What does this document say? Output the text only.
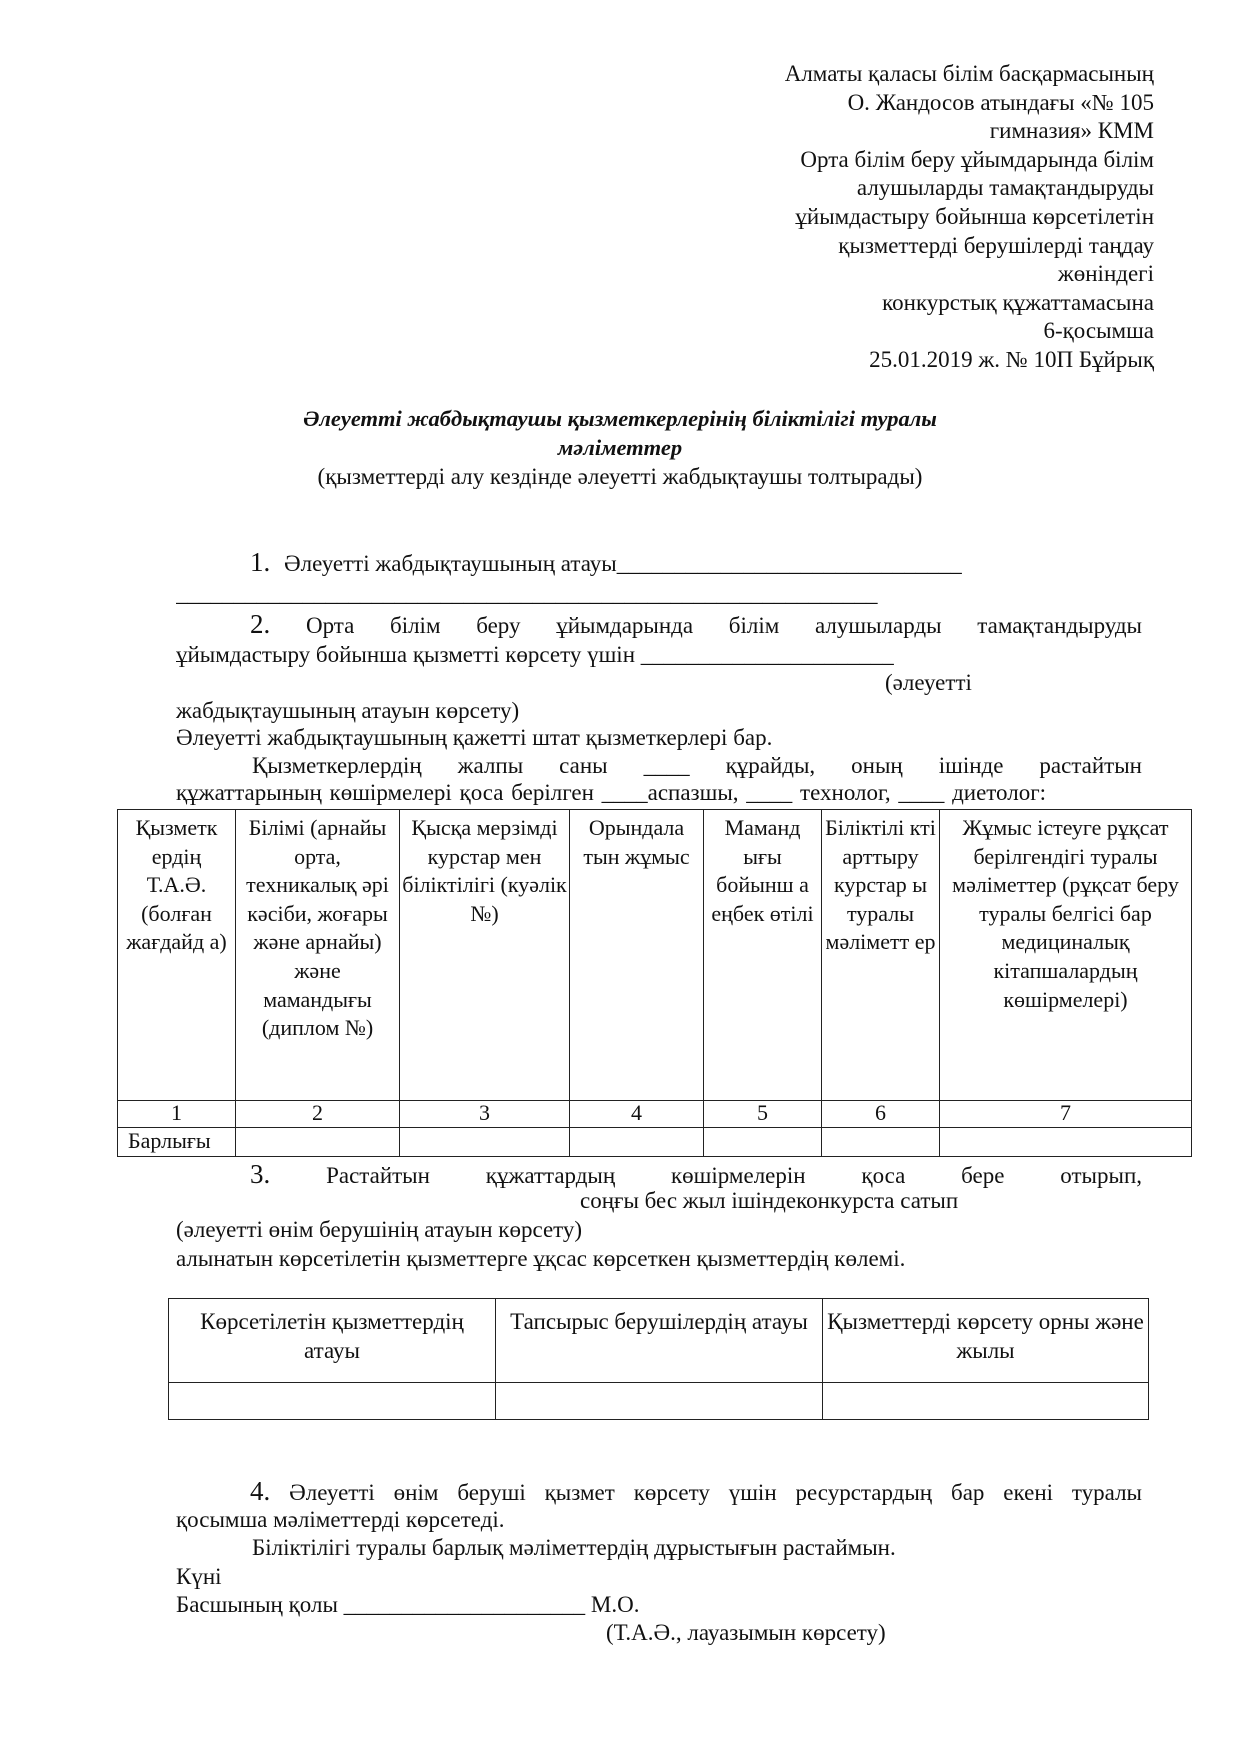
Алматы қаласы білім басқармасының
О. Жандосов атындағы «№ 105
гимназия» КММ
Орта білім беру ұйымдарында білім
алушыларды тамақтандыруды
ұйымдастыру бойынша көрсетілетін
қызметтерді берушілерді таңдау
жөніндегі
конкурстық құжаттамасына
6-қосымша
25.01.2019 ж. № 10П Бұйрық
Әлеуетті жабдықтаушы қызметкерлерінің біліктілігі туралы
мәліметтер
(қызметтерді алу кездінде әлеуетті жабдықтаушы толтырады)
1. Әлеуетті жабдықтаушының атауы______________________________
_____________________________________________________________
2. Орта білім беру ұйымдарында білім алушыларды тамақтандыруды
ұйымдастыру бойынша қызметті көрсету үшін ______________________
(әлеуетті
жабдықтаушының атауын көрсету)
Әлеуетті жабдықтаушының қажетті штат қызметкерлері бар.
Қызметкерлердің жалпы саны ____ құрайды, оның ішінде растайтын
құжаттарының көшірмелері қоса берілген ____аспазшы, ____ технолог, ____ диетолог:
Қызметк ердің Т.А.Ә. (болған жағдайд а)	Білімі (арнайы орта, техникалық әрі кәсіби, жоғары және арнайы) және мамандығы (диплом №)	Қысқа мерзімді курстар мен біліктілігі (куәлік №)	Орындала тын жұмыс	Маманд ығы бойынш а еңбек өтілі	Біліктілі кті арттыру курстар ы туралы мәліметт ер	Жұмыс істеуге рұқсат берілгендігі туралы мәліметтер (рұқсат беру туралы белгісі бар медициналық кітапшалардың көшірмелері)
1	2	3	4	5	6	7
Барлығы						
3. Растайтын құжаттардың көшірмелерін қоса бере отырып,
соңғы бес жыл ішіндеконкурста сатып
(әлеуетті өнім берушінің атауын көрсету)
алынатын көрсетілетін қызметтерге ұқсас көрсеткен қызметтердің көлемі.
Көрсетілетін қызметтердің атауы	Тапсырыс берушілердің атауы	Қызметтерді көрсету орны және жылы

4. Әлеуетті өнім беруші қызмет көрсету үшін ресурстардың бар екені туралы
қосымша мәліметтерді көрсетеді.
Біліктілігі туралы барлық мәліметтердің дұрыстығын растаймын.
Күні
Басшының қолы _____________________ М.О.
(Т.А.Ә., лауазымын көрсету)
